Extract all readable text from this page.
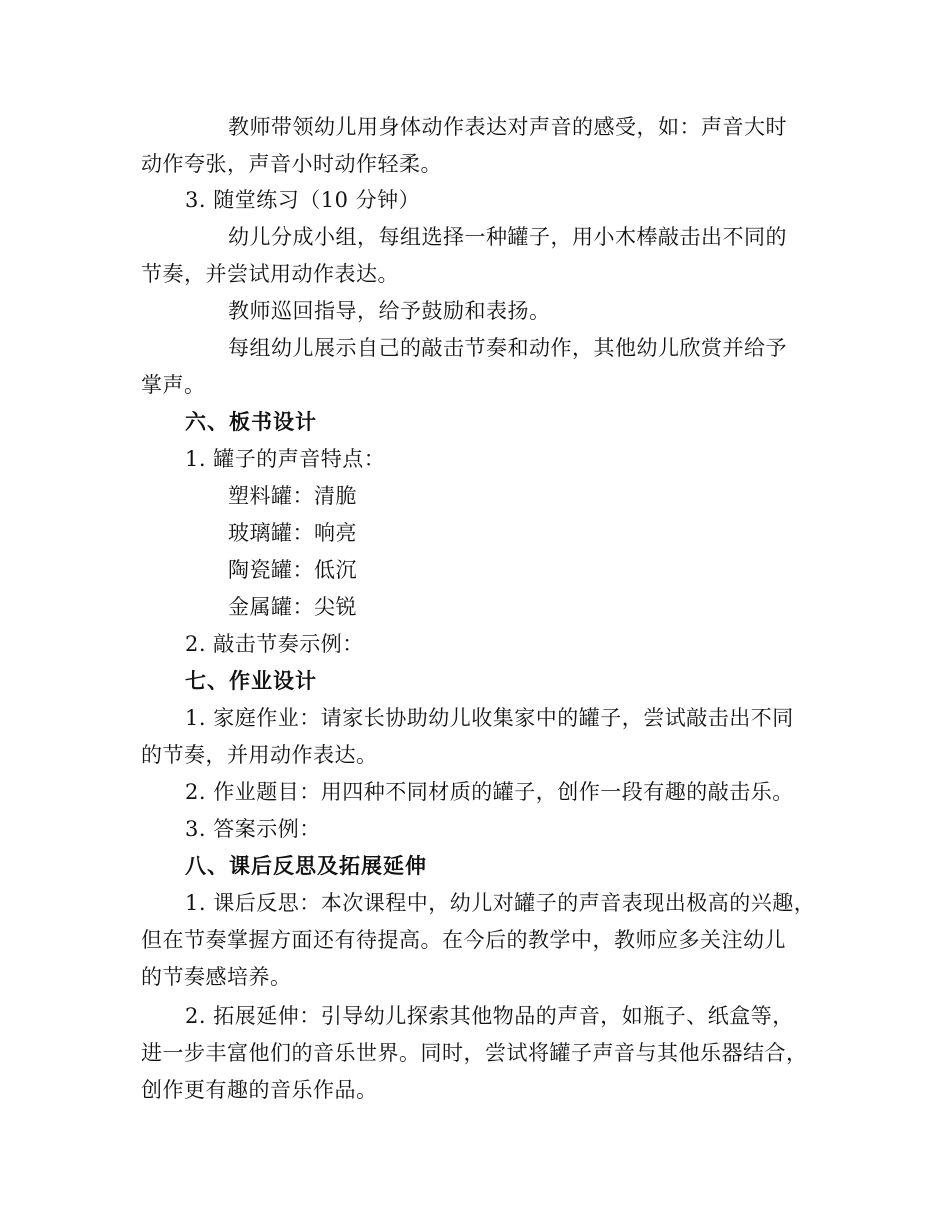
教师带领幼儿用身体动作表达对声音的感受，如：声音大时
动作夸张，声音小时动作轻柔。
3. 随堂练习（10 分钟）
幼儿分成小组，每组选择一种罐子，用小木棒敲击出不同的
节奏，并尝试用动作表达。
教师巡回指导，给予鼓励和表扬。
每组幼儿展示自己的敲击节奏和动作，其他幼儿欣赏并给予
掌声。
六、板书设计
1. 罐子的声音特点：
塑料罐：清脆
玻璃罐：响亮
陶瓷罐：低沉
金属罐：尖锐
2. 敲击节奏示例：
七、作业设计
1. 家庭作业：请家长协助幼儿收集家中的罐子，尝试敲击出不同
的节奏，并用动作表达。
2. 作业题目：用四种不同材质的罐子，创作一段有趣的敲击乐。
3. 答案示例：
八、课后反思及拓展延伸
1. 课后反思：本次课程中，幼儿对罐子的声音表现出极高的兴趣，
但在节奏掌握方面还有待提高。在今后的教学中，教师应多关注幼儿
的节奏感培养。
2. 拓展延伸：引导幼儿探索其他物品的声音，如瓶子、纸盒等，
进一步丰富他们的音乐世界。同时，尝试将罐子声音与其他乐器结合，
创作更有趣的音乐作品。
